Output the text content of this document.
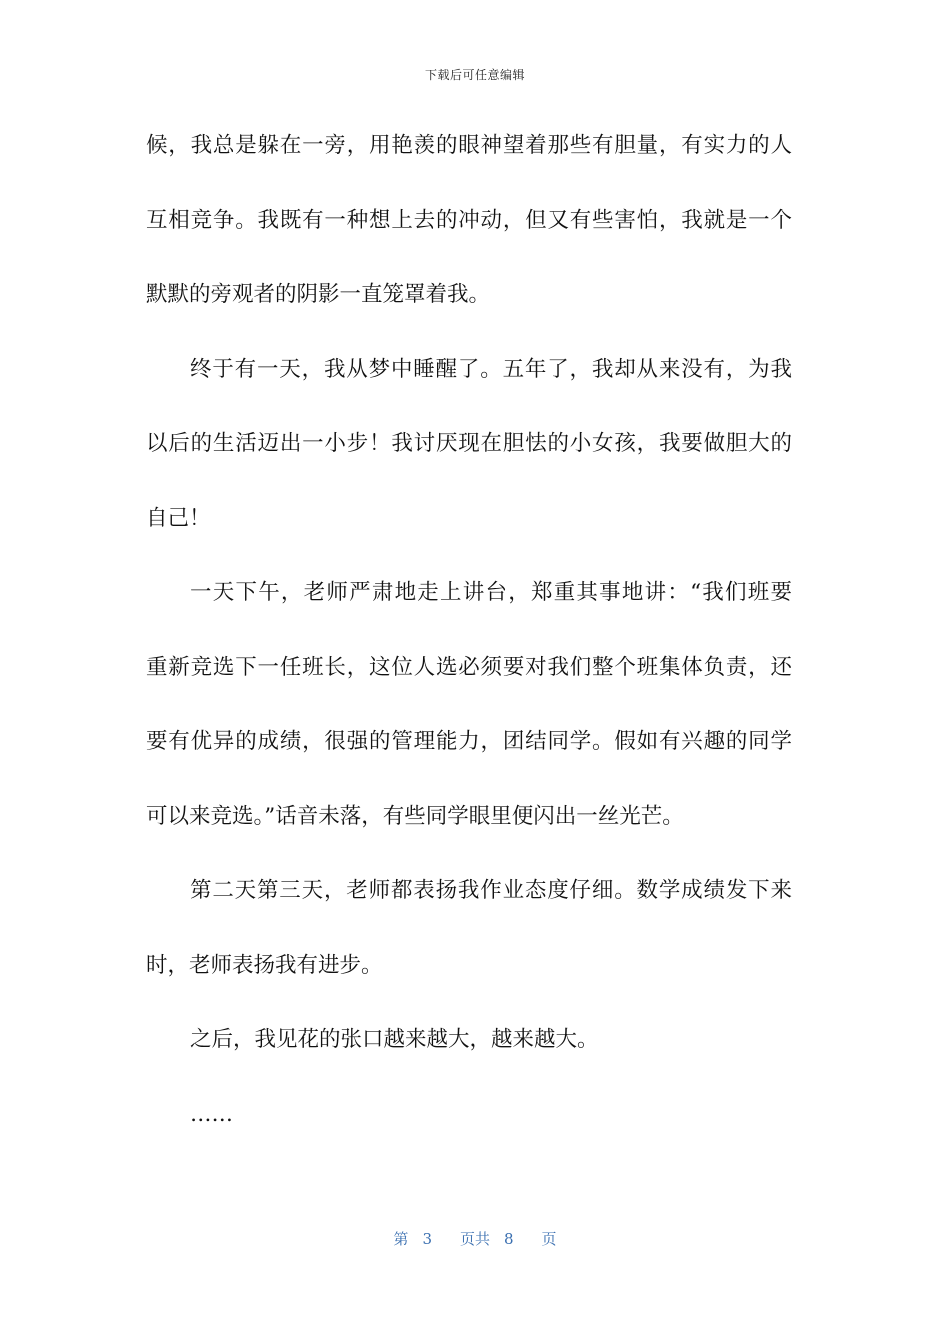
下载后可任意编辑
候，我总是躲在一旁，用艳羡的眼神望着那些有胆量，有实力的人
互相竞争。我既有一种想上去的冲动，但又有些害怕，我就是一个
默默的旁观者的阴影一直笼罩着我。
终于有一天，我从梦中睡醒了。五年了，我却从来没有，为我
以后的生活迈出一小步！我讨厌现在胆怯的小女孩，我要做胆大的
自己！
一天下午，老师严肃地走上讲台，郑重其事地讲：“我们班要
重新竞选下一任班长，这位人选必须要对我们整个班集体负责，还
要有优异的成绩，很强的管理能力，团结同学。假如有兴趣的同学
可以来竞选。”话音未落，有些同学眼里便闪出一丝光芒。
第二天第三天，老师都表扬我作业态度仔细。数学成绩发下来
时，老师表扬我有进步。
之后，我见花的张口越来越大，越来越大。
……
第 3 页共 8 页
